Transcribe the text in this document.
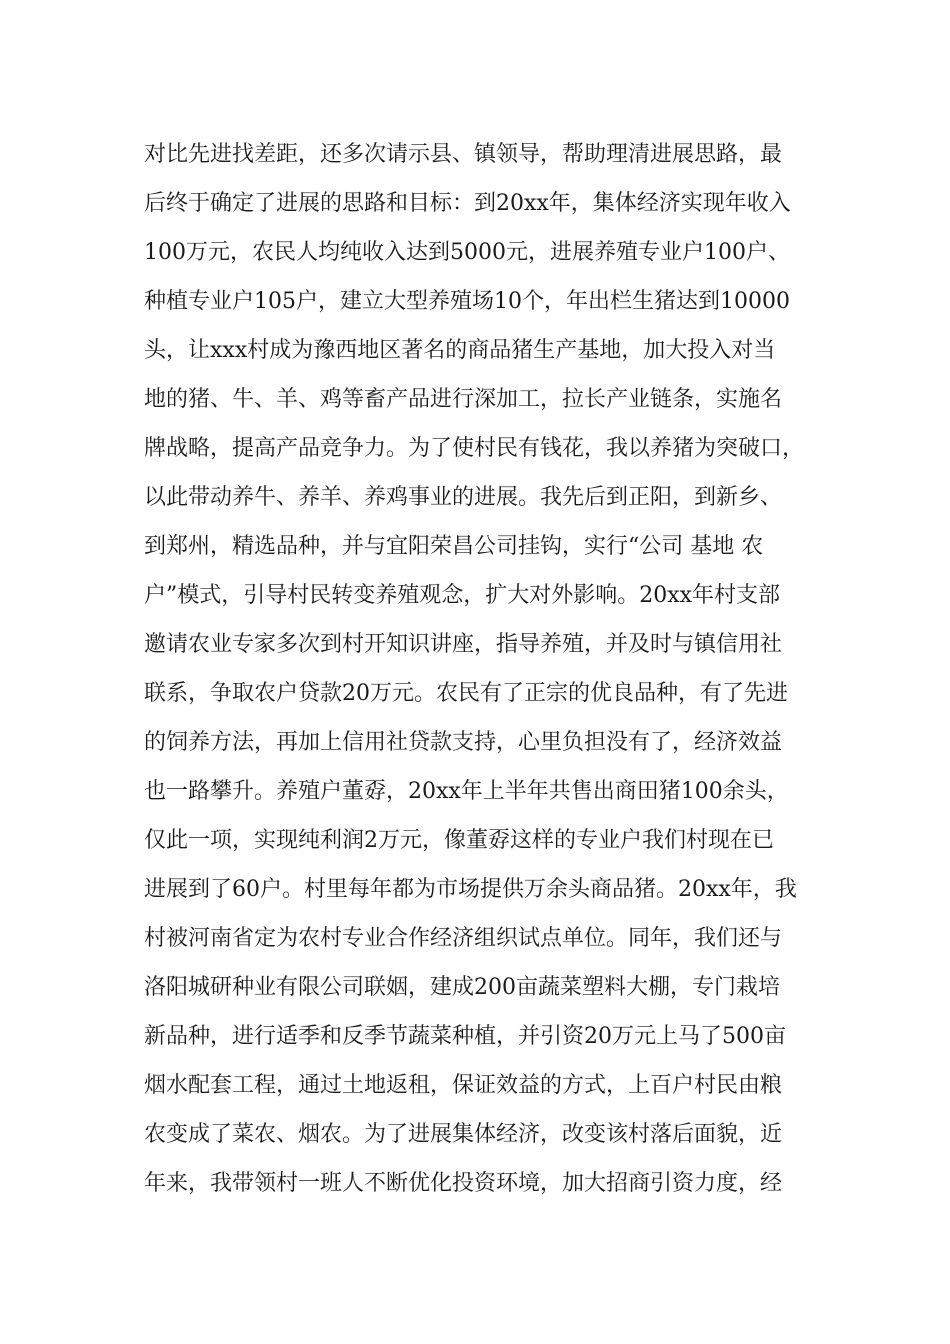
对比先进找差距，还多次请示县、镇领导，帮助理清进展思路，最
后终于确定了进展的思路和目标：到20xx年，集体经济实现年收入
100万元，农民人均纯收入达到5000元，进展养殖专业户100户、
种植专业户105户，建立大型养殖场10个，年出栏生猪达到10000
头，让xxx村成为豫西地区著名的商品猪生产基地，加大投入对当
地的猪、牛、羊、鸡等畜产品进行深加工，拉长产业链条，实施名
牌战略，提高产品竞争力。为了使村民有钱花，我以养猪为突破口，
以此带动养牛、养羊、养鸡事业的进展。我先后到正阳，到新乡、
到郑州，精选品种，并与宜阳荣昌公司挂钩，实行“公司 基地 农
户”模式，引导村民转变养殖观念，扩大对外影响。20xx年村支部
邀请农业专家多次到村开知识讲座，指导养殖，并及时与镇信用社
联系，争取农户贷款20万元。农民有了正宗的优良品种，有了先进
的饲养方法，再加上信用社贷款支持，心里负担没有了，经济效益
也一路攀升。养殖户董孬，20xx年上半年共售出商田猪100余头，
仅此一项，实现纯利润2万元，像董孬这样的专业户我们村现在已
进展到了60户。村里每年都为市场提供万余头商品猪。20xx年，我
村被河南省定为农村专业合作经济组织试点单位。同年，我们还与
洛阳城研种业有限公司联姻，建成200亩蔬菜塑料大棚，专门栽培
新品种，进行适季和反季节蔬菜种植，并引资20万元上马了500亩
烟水配套工程，通过土地返租，保证效益的方式，上百户村民由粮
农变成了菜农、烟农。为了进展集体经济，改变该村落后面貌，近
年来，我带领村一班人不断优化投资环境，加大招商引资力度，经
